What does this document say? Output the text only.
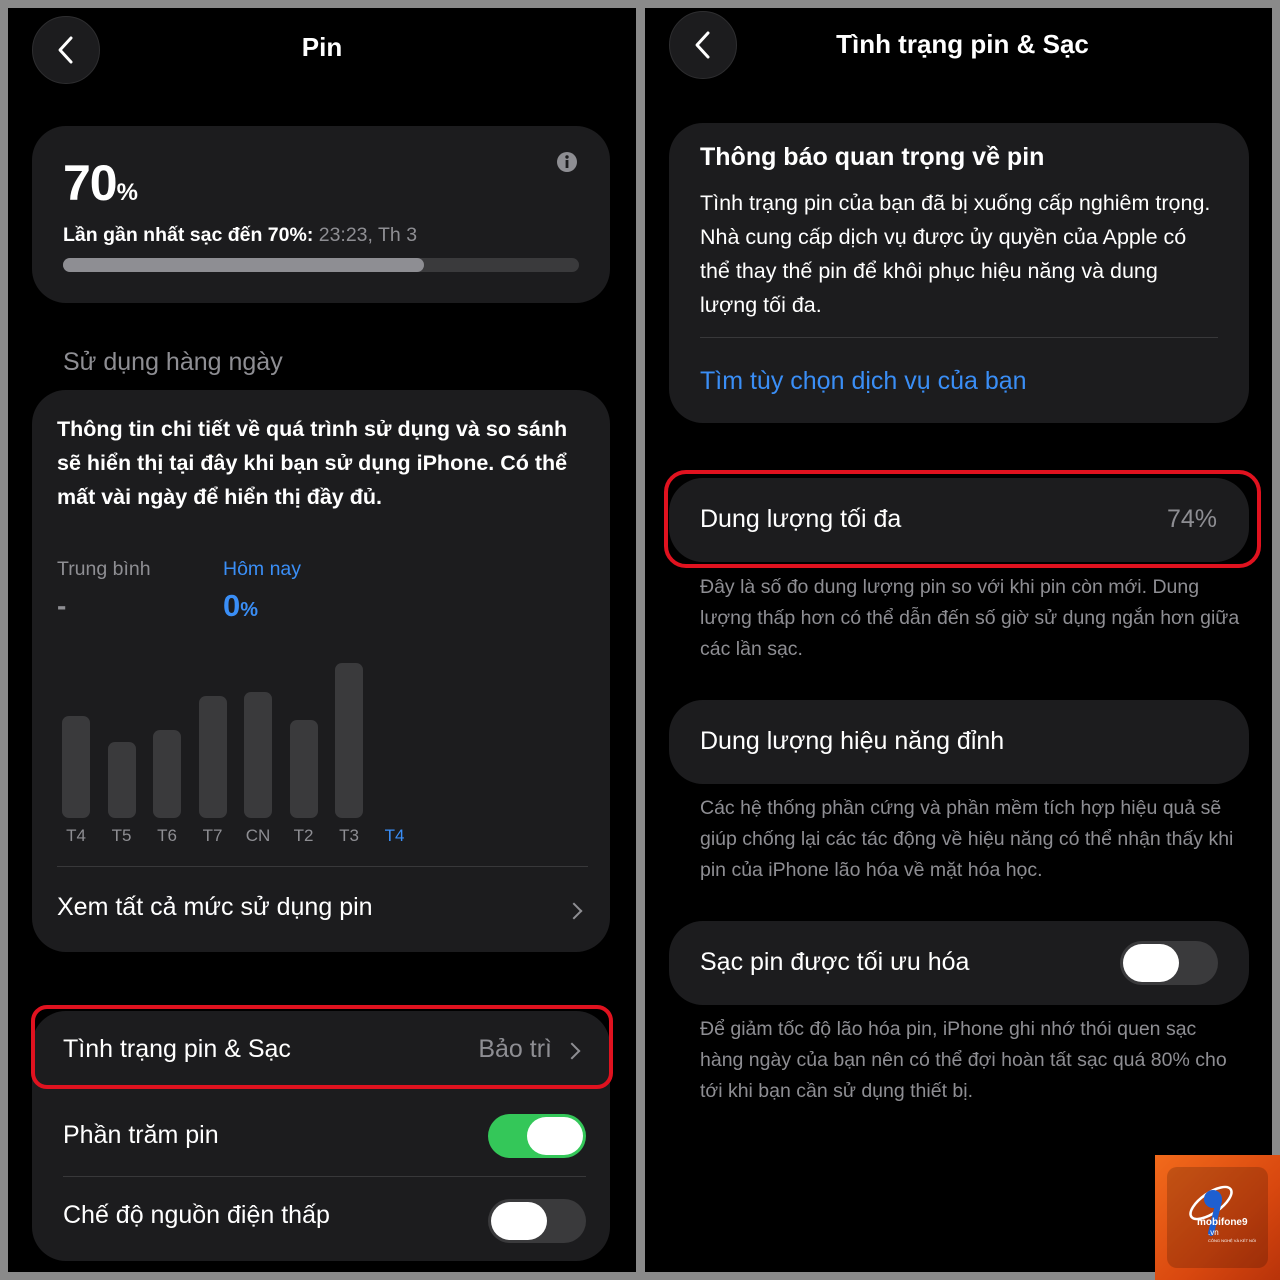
Pin
70%
Lần gần nhất sạc đến 70%: 23:23, Th 3
Sử dụng hàng ngày
Thông tin chi tiết về quá trình sử dụng và so sánh sẽ hiển thị tại đây khi bạn sử dụng iPhone. Có thể mất vài ngày để hiển thị đầy đủ.
Trung bình
-
Hôm nay
0%
T4	T5	T6	T7	CN	T2	T3	T4
Xem tất cả mức sử dụng pin
Tình trạng pin & Sạc	Bảo trì
Phần trăm pin
Chế độ nguồn điện thấp
Tình trạng pin & Sạc
Thông báo quan trọng về pin
Tình trạng pin của bạn đã bị xuống cấp nghiêm trọng. Nhà cung cấp dịch vụ được ủy quyền của Apple có thể thay thế pin để khôi phục hiệu năng và dung lượng tối đa.
Tìm tùy chọn dịch vụ của bạn
Dung lượng tối đa	74%
Đây là số đo dung lượng pin so với khi pin còn mới. Dung lượng thấp hơn có thể dẫn đến số giờ sử dụng ngắn hơn giữa các lần sạc.
Dung lượng hiệu năng đỉnh
Các hệ thống phần cứng và phần mềm tích hợp hiệu quả sẽ giúp chống lại các tác động về hiệu năng có thể nhận thấy khi pin của iPhone lão hóa về mặt hóa học.
Sạc pin được tối ưu hóa
Để giảm tốc độ lão hóa pin, iPhone ghi nhớ thói quen sạc hàng ngày của bạn nên có thể đợi hoàn tất sạc quá 80% cho tới khi bạn cần sử dụng thiết bị.
mobifone9
.vn
CÔNG NGHỆ VÀ KẾT NỐI
